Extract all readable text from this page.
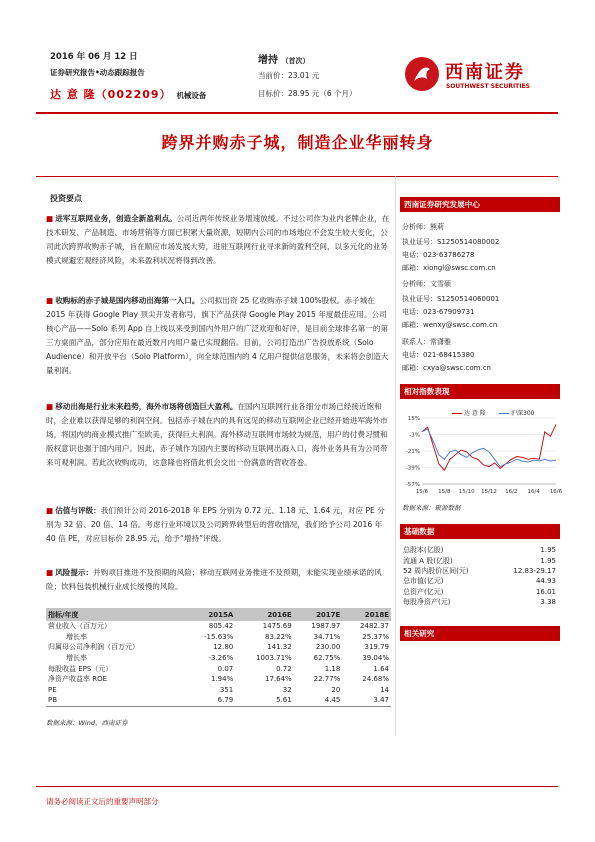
2016 年 06 月 12 日
证券研究报告•动态跟踪报告
达 意 隆（002209） 机械设备
增持 （首次）
当前价：23.01 元
目标价：28.95 元（6 个月）
西南证券
SOUTHWEST SECURITIES
跨界并购赤子城，制造企业华丽转身
投资要点

■ 进军互联网业务，创造全新盈利点。公司近两年传统业务增速放缓。不过公司作为业内老牌企业，在技术研发、产品制造、市场营销等方面已积累大量资源，短期内公司的市场地位不会发生较大变化，公司此次跨界收购赤子城，旨在顺应市场发展大势，进驻互联网行业寻求新的盈利空间，以多元化的业务模式规避宏观经济风险，未来盈利状况将得到改善。

■ 收购标的赤子城是国内移动出海第一入口。公司拟出资 25 亿收购赤子城 100%股权。赤子城在 2015 年获得 Google Play 顶尖开发者称号，旗下产品获得 Google Play 2015 年度最佳应用。公司核心产品——Solo 系列 App 自上线以来受到国内外用户的广泛欢迎和好评，是目前全球排名第一的第三方桌面产品，部分应用在最近数月内用户量已实现翻倍。目前，公司打造出广告投放系统（Solo Audience）和开放平台（Solo Platform），向全球范围内的 4 亿用户提供信息服务，未来将会创造大量利润。

■ 移动出海是行业未来趋势，海外市场将创造巨大盈利。在国内互联网行业各细分市场已经接近饱和时，企业难以获得足够的利润空间。包括赤子城在内的具有远见的移动互联网企业已经开始进军海外市场，将国内的商业模式推广至欧美，获得巨大利润。海外移动互联网市场较为规范，用户的付费习惯和版权意识也强于国内用户。因此，赤子城作为国内主要的移动互联网出海入口，海外业务具有为公司带来可观利润。若此次收购成功，达意隆也将借此机会交出一份满意的营收答卷。

■ 估值与评级：我们预计公司 2016-2018 年 EPS 分别为 0.72 元、1.18 元、1.64 元，对应 PE 分别为 32 倍、20 倍、14 倍。考虑行业环境以及公司跨界转型后的营收情况，我们给予公司 2016 年 40 倍 PE，对应目标价 28.95 元，给予“增持”评级。

■ 风险提示：并购项目推进不及预期的风险；移动互联网业务推进不及预期，未能实现业绩承诺的风险；饮料包装机械行业成长缓慢的风险。

指标/年度	2015A	2016E	2017E	2018E
营业收入（百万元）	805.42	1475.69	1987.97	2482.37
增长率	-15.63%	83.22%	34.71%	25.37%
归属母公司净利润（百万元）	12.80	141.32	230.00	319.79
增长率	-3.26%	1003.71%	62.75%	39.04%
每股收益 EPS（元）	0.07	0.72	1.18	1.64
净资产收益率 ROE	1.94%	17.64%	22.77%	24.68%
PE	351	32	20	14
PB	6.79	5.61	4.45	3.47
数据来源：Wind，西南证券
西南证券研究发展中心
分析师：熊莉
执业证号：S1250514080002
电话：023-63786278
邮箱：xiongl@swsc.com.cn
分析师：文雪硕
执业证号：S1250514060001
电话：023-67909731
邮箱：wenxy@swsc.com.cn
联系人：常潇雅
电话：021-68415380
邮箱：cxya@swsc.com.cn
相对指数表现
15%
-3%
-21%
-39%
-57%
15/6 15/8 15/10 15/12 16/2 16/4 16/6
达 意 隆	沪深300
数据来源：聚源数据
基础数据
总股本(亿股)	1.95
流通 A 股(亿股)	1.95
52 周内股价区间(元)	12.83-29.17
总市值(亿元)	44.93
总资产(亿元)	16.01
每股净资产(元)	3.38
相关研究
请务必阅读正文后的重要声明部分
